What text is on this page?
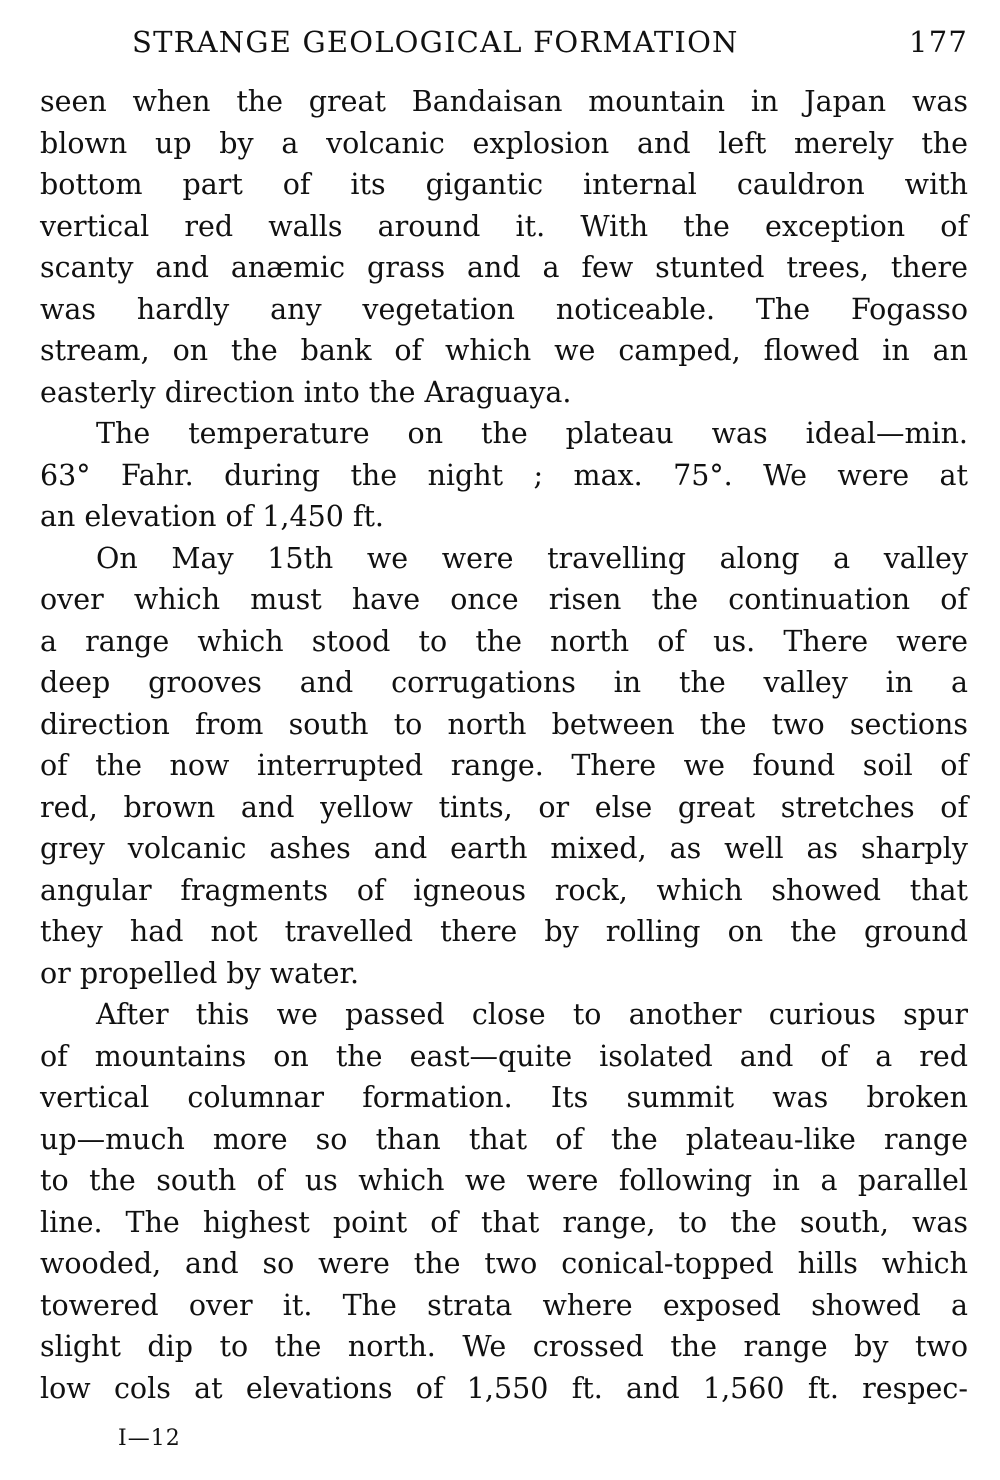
STRANGE GEOLOGICAL FORMATION	177
seen when the great Bandaisan mountain in Japan was
blown up by a volcanic explosion and left merely the
bottom part of its gigantic internal cauldron with
vertical red walls around it. With the exception of
scanty and anæmic grass and a few stunted trees, there
was hardly any vegetation noticeable. The Fogasso
stream, on the bank of which we camped, flowed in an
easterly direction into the Araguaya.
The temperature on the plateau was ideal—min.
63° Fahr. during the night ; max. 75°. We were at
an elevation of 1,450 ft.
On May 15th we were travelling along a valley
over which must have once risen the continuation of
a range which stood to the north of us. There were
deep grooves and corrugations in the valley in a
direction from south to north between the two sections
of the now interrupted range. There we found soil of
red, brown and yellow tints, or else great stretches of
grey volcanic ashes and earth mixed, as well as sharply
angular fragments of igneous rock, which showed that
they had not travelled there by rolling on the ground
or propelled by water.
After this we passed close to another curious spur
of mountains on the east—quite isolated and of a red
vertical columnar formation. Its summit was broken
up—much more so than that of the plateau-like range
to the south of us which we were following in a parallel
line. The highest point of that range, to the south, was
wooded, and so were the two conical-topped hills which
towered over it. The strata where exposed showed a
slight dip to the north. We crossed the range by two
low cols at elevations of 1,550 ft. and 1,560 ft. respec-
I—12
